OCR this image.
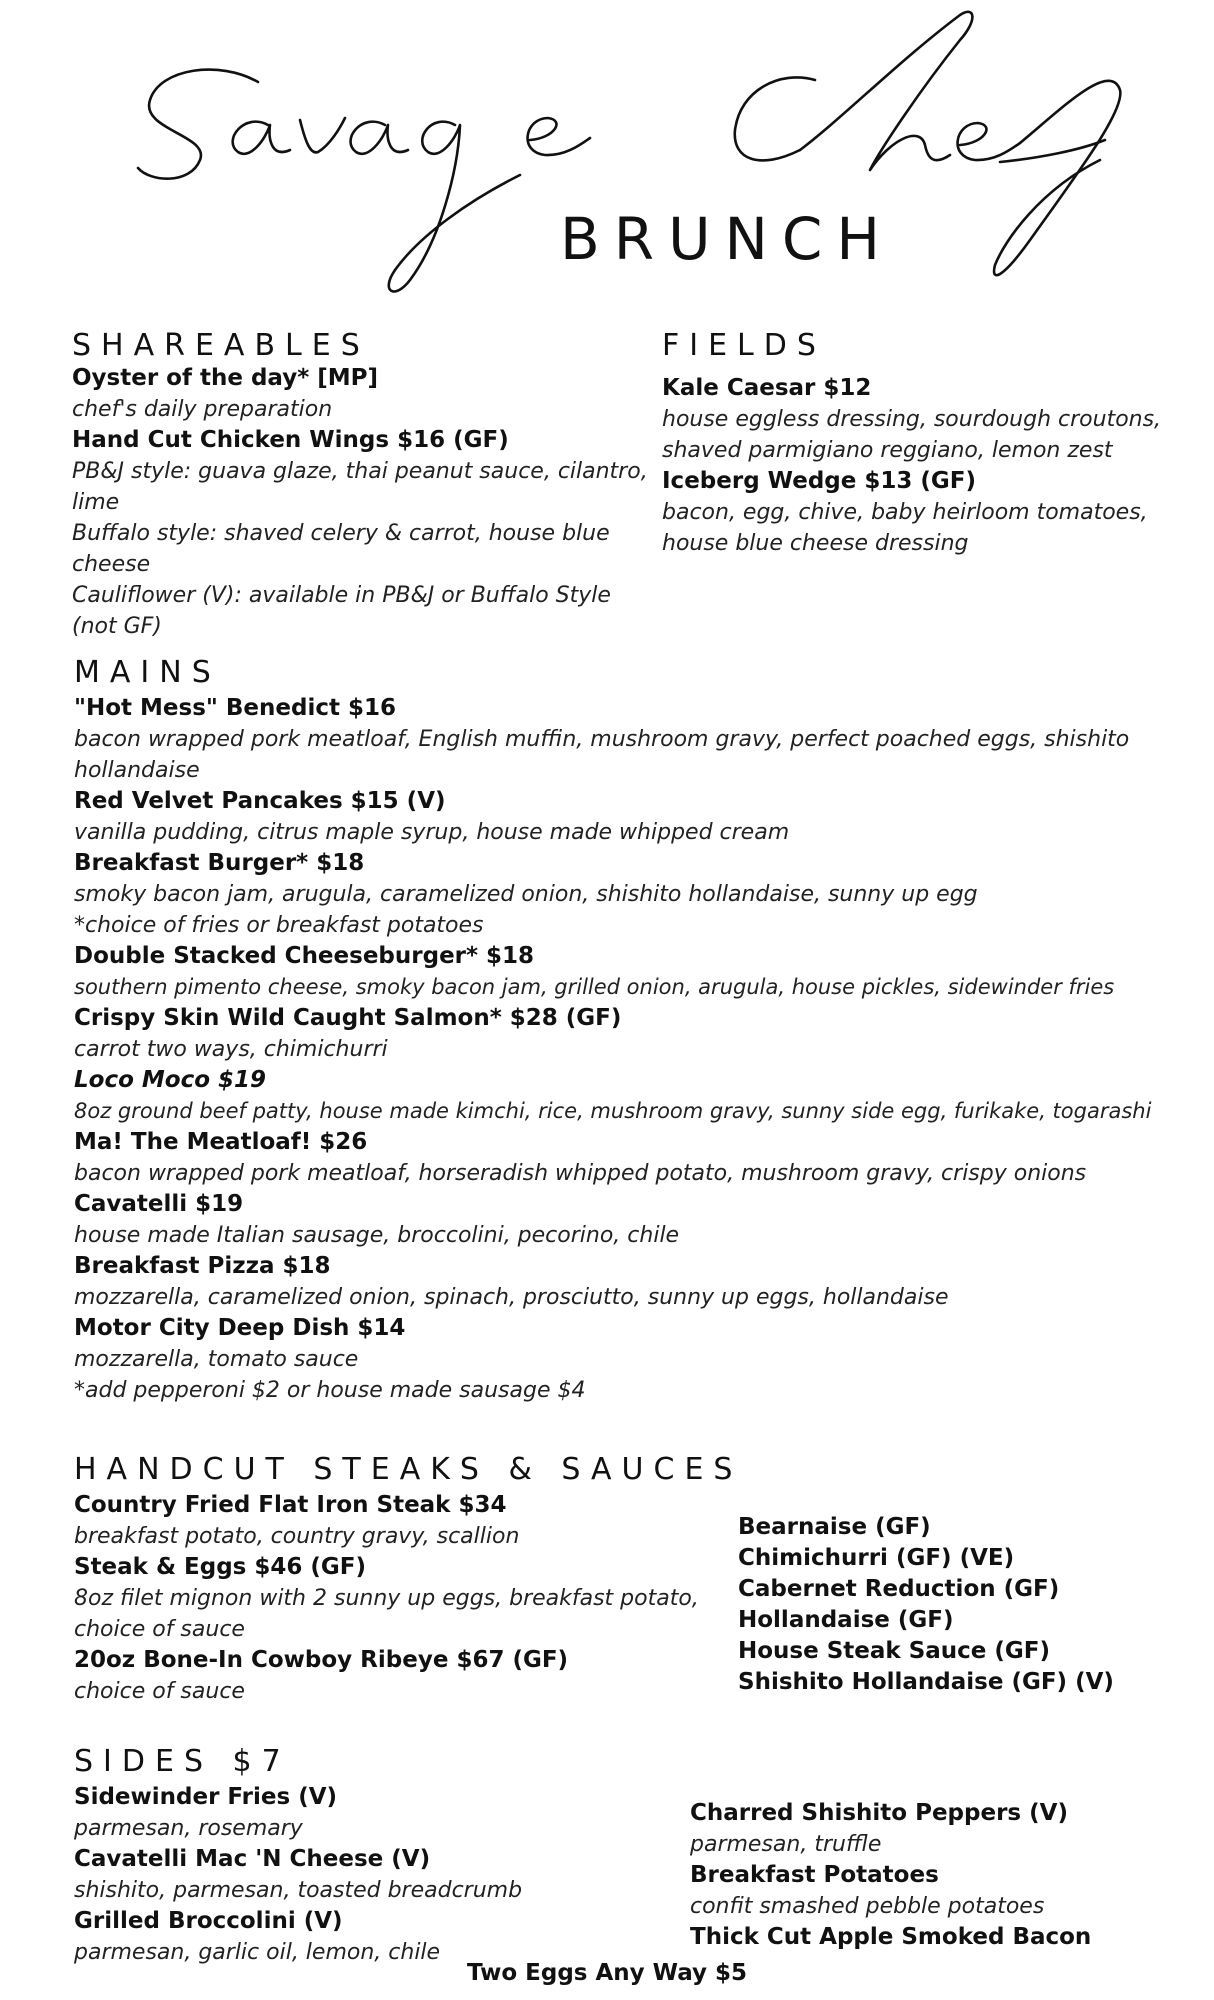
BRUNCH
SHAREABLES
Oyster of the day* [MP]
chef's daily preparation
Hand Cut Chicken Wings $16 (GF)
PB&J style: guava glaze, thai peanut sauce, cilantro,
lime
Buffalo style: shaved celery & carrot, house blue
cheese
Cauliflower (V): available in PB&J or Buffalo Style
(not GF)
FIELDS
Kale Caesar $12
house eggless dressing, sourdough croutons,
shaved parmigiano reggiano, lemon zest
Iceberg Wedge $13 (GF)
bacon, egg, chive, baby heirloom tomatoes,
house blue cheese dressing
MAINS
"Hot Mess" Benedict $16
bacon wrapped pork meatloaf, English muffin, mushroom gravy, perfect poached eggs, shishito
hollandaise
Red Velvet Pancakes $15 (V)
vanilla pudding, citrus maple syrup, house made whipped cream
Breakfast Burger* $18
smoky bacon jam, arugula, caramelized onion, shishito hollandaise, sunny up egg
*choice of fries or breakfast potatoes
Double Stacked Cheeseburger* $18
southern pimento cheese, smoky bacon jam, grilled onion, arugula, house pickles, sidewinder fries
Crispy Skin Wild Caught Salmon* $28 (GF)
carrot two ways, chimichurri
Loco Moco $19
8oz ground beef patty, house made kimchi, rice, mushroom gravy, sunny side egg, furikake, togarashi
Ma! The Meatloaf! $26
bacon wrapped pork meatloaf, horseradish whipped potato, mushroom gravy, crispy onions
Cavatelli $19
house made Italian sausage, broccolini, pecorino, chile
Breakfast Pizza $18
mozzarella, caramelized onion, spinach, prosciutto, sunny up eggs, hollandaise
Motor City Deep Dish $14
mozzarella, tomato sauce
*add pepperoni $2 or house made sausage $4
HANDCUT STEAKS & SAUCES
Country Fried Flat Iron Steak $34
breakfast potato, country gravy, scallion
Steak & Eggs $46 (GF)
8oz filet mignon with 2 sunny up eggs, breakfast potato,
choice of sauce
20oz Bone-In Cowboy Ribeye $67 (GF)
choice of sauce
Bearnaise (GF)
Chimichurri (GF) (VE)
Cabernet Reduction (GF)
Hollandaise (GF)
House Steak Sauce (GF)
Shishito Hollandaise (GF) (V)
SIDES $7
Sidewinder Fries (V)
parmesan, rosemary
Cavatelli Mac 'N Cheese (V)
shishito, parmesan, toasted breadcrumb
Grilled Broccolini (V)
parmesan, garlic oil, lemon, chile
Charred Shishito Peppers (V)
parmesan, truffle
Breakfast Potatoes
confit smashed pebble potatoes
Thick Cut Apple Smoked Bacon
Two Eggs Any Way $5
